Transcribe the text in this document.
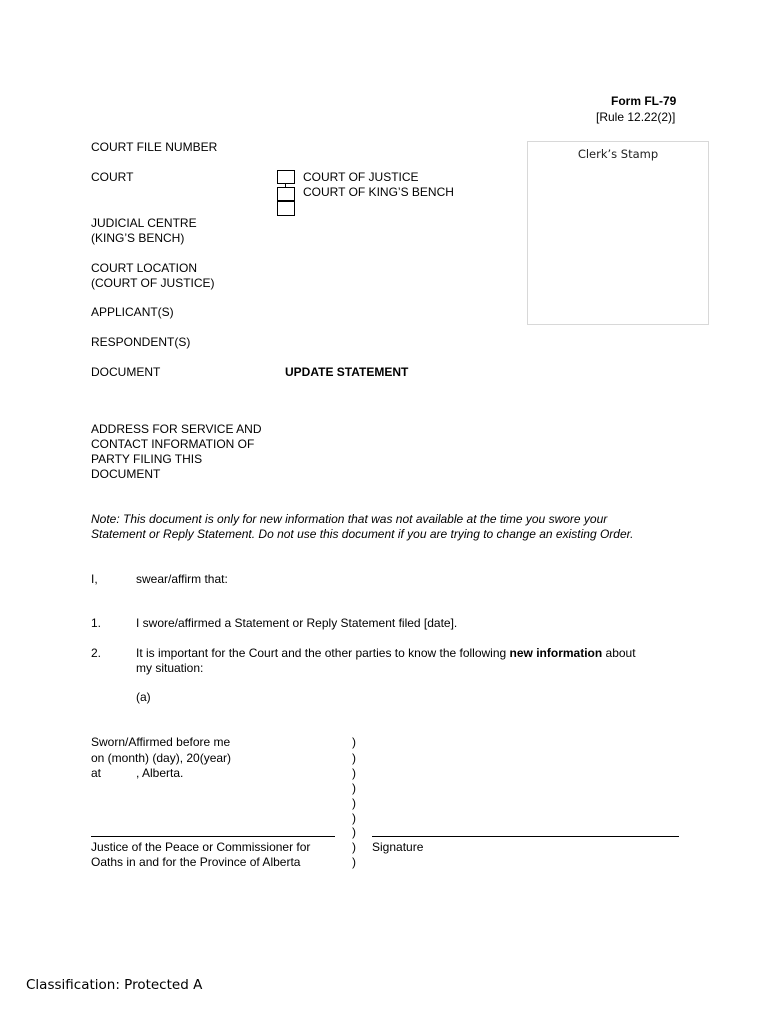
Form FL-79
[Rule 12.22(2)]
Clerk’s Stamp
COURT FILE NUMBER
COURT	COURT OF JUSTICE
COURT OF KING’S BENCH
JUDICIAL CENTRE
(KING’S BENCH)
COURT LOCATION
(COURT OF JUSTICE)
APPLICANT(S)
RESPONDENT(S)
DOCUMENT	UPDATE STATEMENT
ADDRESS FOR SERVICE AND
CONTACT INFORMATION OF
PARTY FILING THIS
DOCUMENT
Note: This document is only for new information that was not available at the time you swore your
Statement or Reply Statement. Do not use this document if you are trying to change an existing Order.
I,	swear/affirm that:
1.	I swore/affirmed a Statement or Reply Statement filed [date].
2.	It is important for the Court and the other parties to know the following new information about
my situation:
(a)
Sworn/Affirmed before me
on (month) (day), 20(year)
at	, Alberta.
)
)
)
)
)
)
)
)
)
Justice of the Peace or Commissioner for
Oaths in and for the Province of Alberta
Signature
Classification: Protected A
